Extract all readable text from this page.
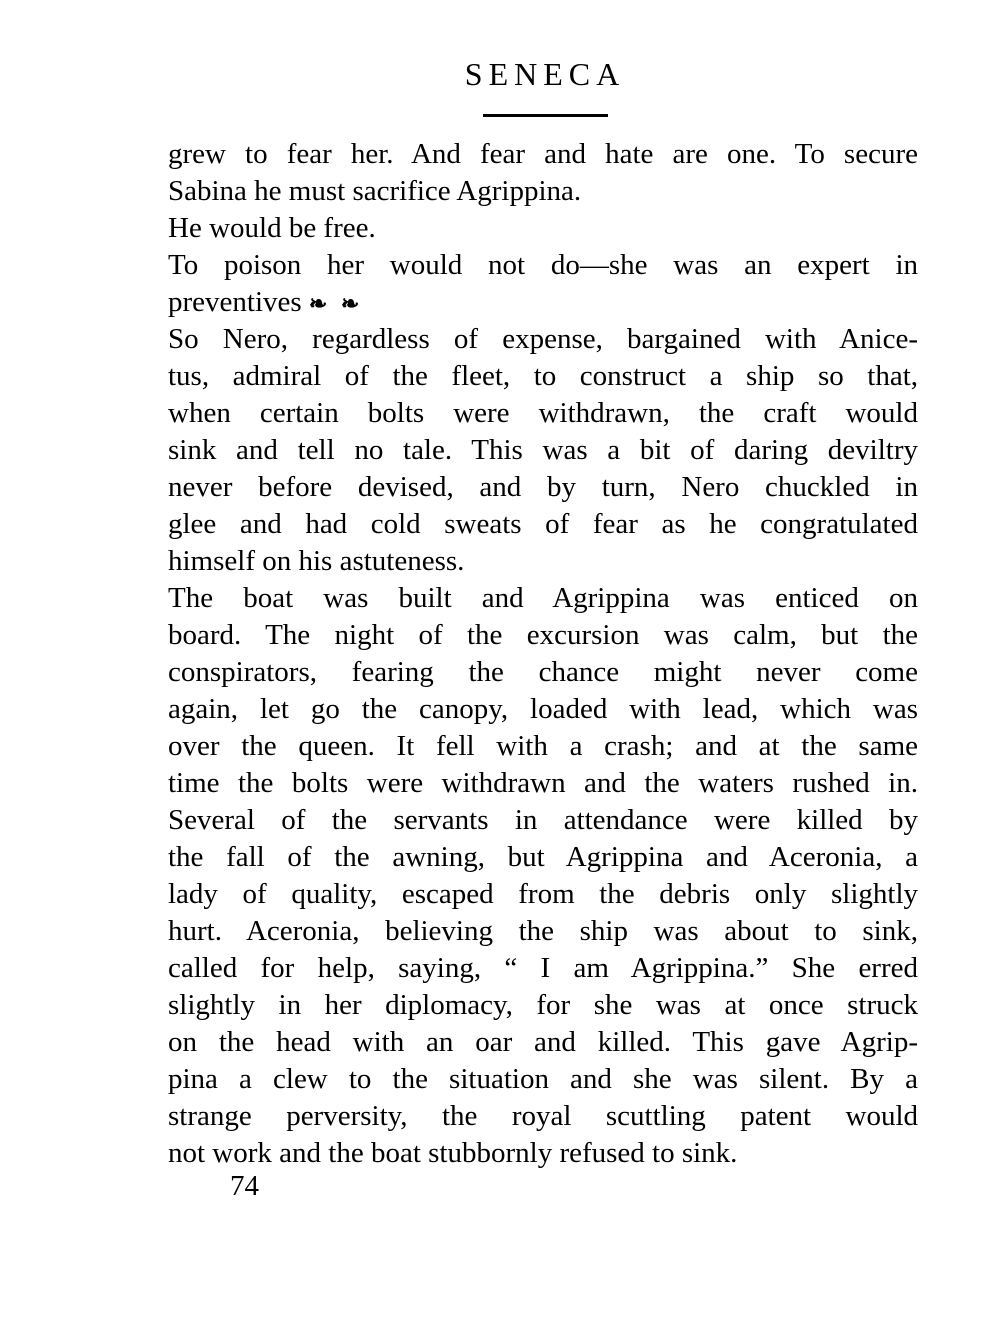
SENECA
grew to fear her. And fear and hate are one. To secure
Sabina he must sacrifice Agrippina.
He would be free.
To poison her would not do—she was an expert in
preventives ❧ ❧
So Nero, regardless of expense, bargained with Anice-
tus, admiral of the fleet, to construct a ship so that,
when certain bolts were withdrawn, the craft would
sink and tell no tale. This was a bit of daring deviltry
never before devised, and by turn, Nero chuckled in
glee and had cold sweats of fear as he congratulated
himself on his astuteness.
The boat was built and Agrippina was enticed on
board. The night of the excursion was calm, but the
conspirators, fearing the chance might never come
again, let go the canopy, loaded with lead, which was
over the queen. It fell with a crash; and at the same
time the bolts were withdrawn and the waters rushed in.
Several of the servants in attendance were killed by
the fall of the awning, but Agrippina and Aceronia, a
lady of quality, escaped from the debris only slightly
hurt. Aceronia, believing the ship was about to sink,
called for help, saying, “ I am Agrippina.” She erred
slightly in her diplomacy, for she was at once struck
on the head with an oar and killed. This gave Agrip-
pina a clew to the situation and she was silent. By a
strange perversity, the royal scuttling patent would
not work and the boat stubbornly refused to sink.
74
